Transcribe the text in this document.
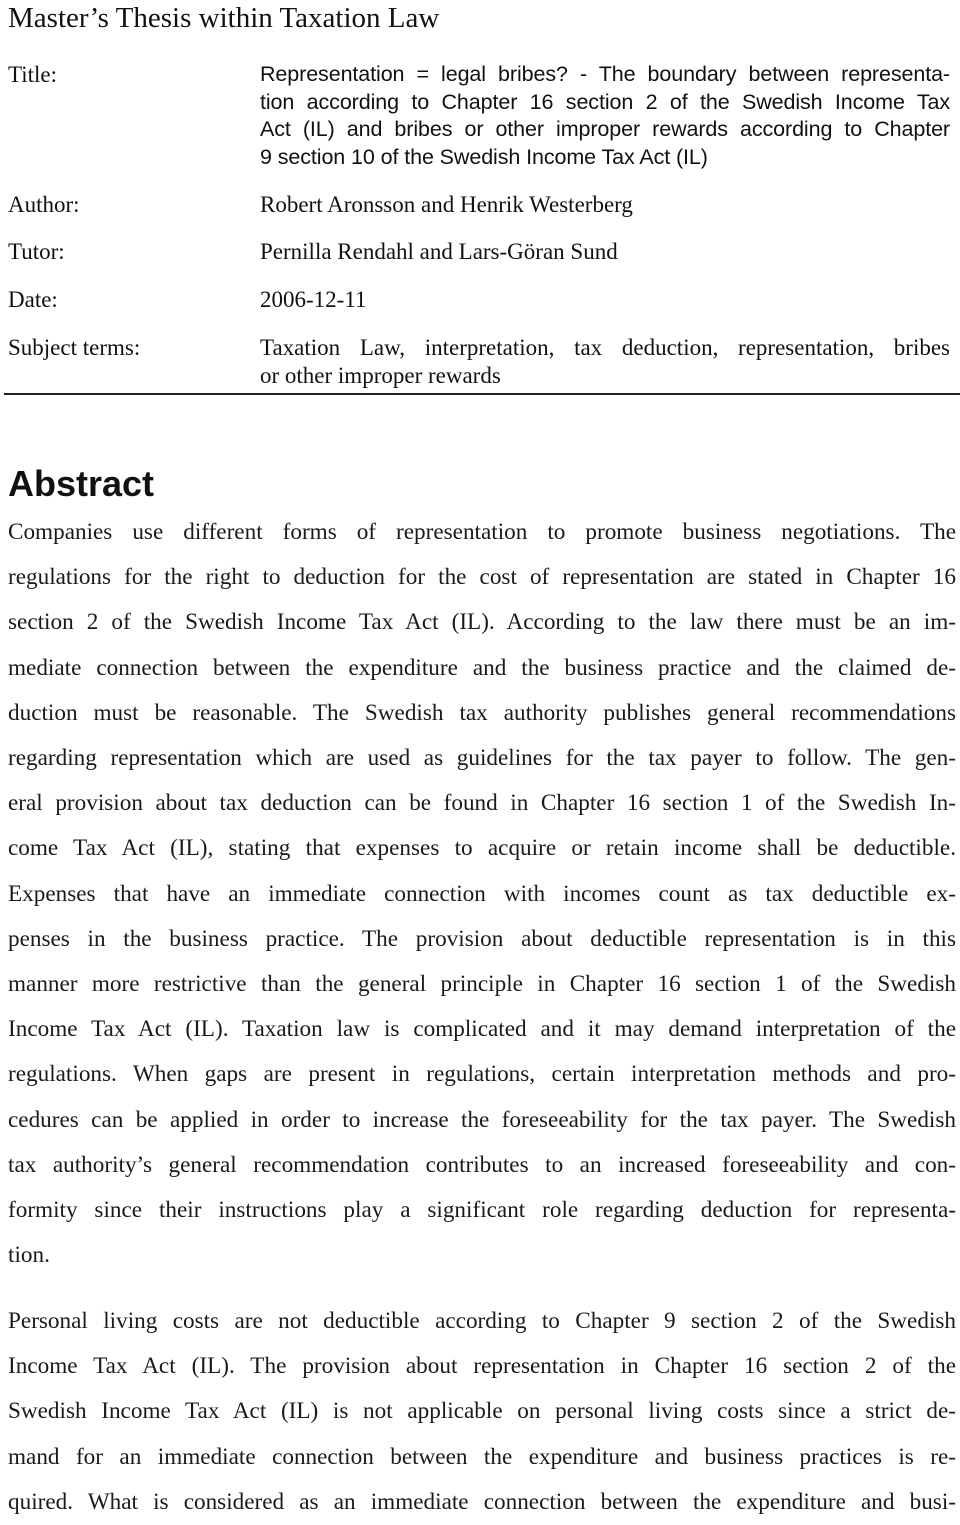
Master’s Thesis within Taxation Law
Title:	Representation = legal bribes? - The boundary between representa-
tion according to Chapter 16 section 2 of the Swedish Income Tax
Act (IL) and bribes or other improper rewards according to Chapter
9 section 10 of the Swedish Income Tax Act (IL)
Author:	Robert Aronsson and Henrik Westerberg
Tutor:	Pernilla Rendahl and Lars-Göran Sund
Date:	2006-12-11
Subject terms:	Taxation Law, interpretation, tax deduction, representation, bribes
or other improper rewards
Abstract
Companies use different forms of representation to promote business negotiations. The
regulations for the right to deduction for the cost of representation are stated in Chapter 16
section 2 of the Swedish Income Tax Act (IL). According to the law there must be an im-
mediate connection between the expenditure and the business practice and the claimed de-
duction must be reasonable. The Swedish tax authority publishes general recommendations
regarding representation which are used as guidelines for the tax payer to follow. The gen-
eral provision about tax deduction can be found in Chapter 16 section 1 of the Swedish In-
come Tax Act (IL), stating that expenses to acquire or retain income shall be deductible.
Expenses that have an immediate connection with incomes count as tax deductible ex-
penses in the business practice. The provision about deductible representation is in this
manner more restrictive than the general principle in Chapter 16 section 1 of the Swedish
Income Tax Act (IL). Taxation law is complicated and it may demand interpretation of the
regulations. When gaps are present in regulations, certain interpretation methods and pro-
cedures can be applied in order to increase the foreseeability for the tax payer. The Swedish
tax authority’s general recommendation contributes to an increased foreseeability and con-
formity since their instructions play a significant role regarding deduction for representa-
tion.
Personal living costs are not deductible according to Chapter 9 section 2 of the Swedish
Income Tax Act (IL). The provision about representation in Chapter 16 section 2 of the
Swedish Income Tax Act (IL) is not applicable on personal living costs since a strict de-
mand for an immediate connection between the expenditure and business practices is re-
quired. What is considered as an immediate connection between the expenditure and busi-
